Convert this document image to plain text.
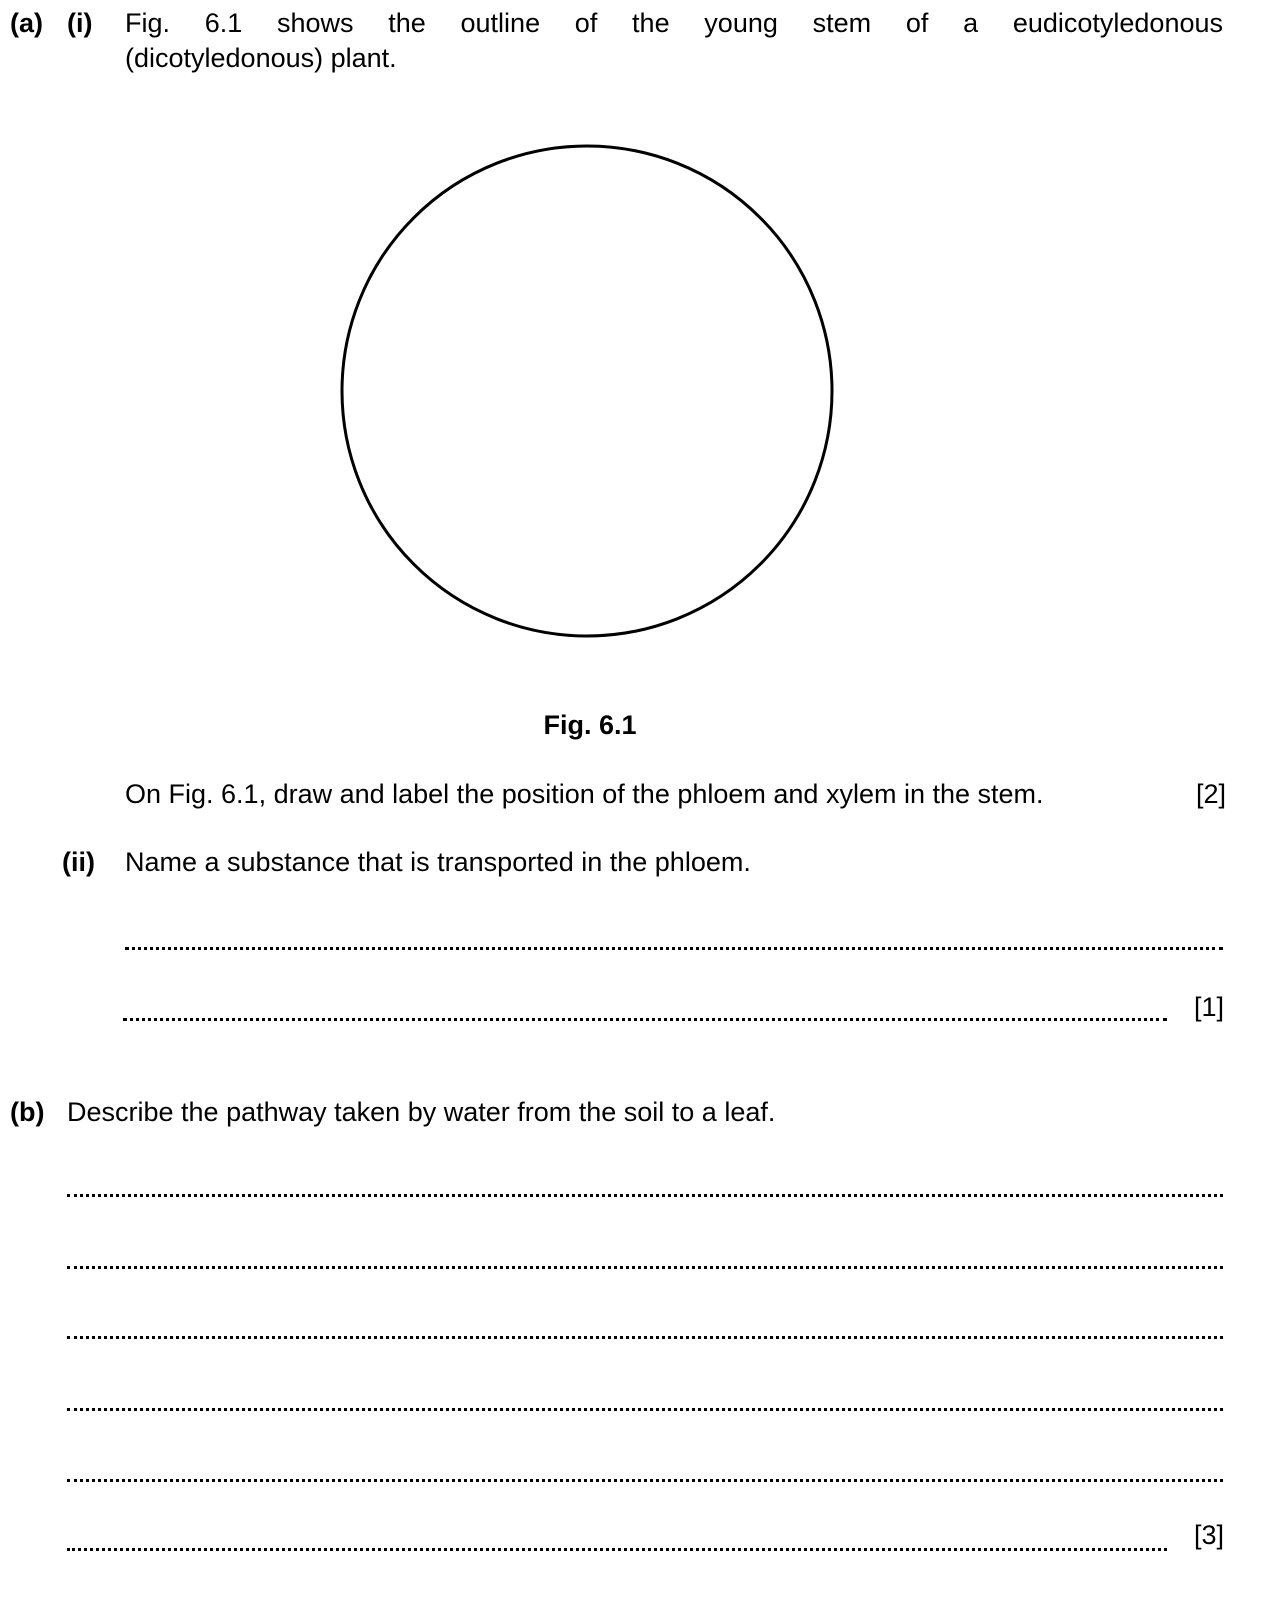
(a) (i) Fig. 6.1 shows the outline of the young stem of a eudicotyledonous
(dicotyledonous) plant.
Fig. 6.1
On Fig. 6.1, draw and label the position of the phloem and xylem in the stem.	[2]
(ii) Name a substance that is transported in the phloem.
[1]
(b) Describe the pathway taken by water from the soil to a leaf.
[3]
